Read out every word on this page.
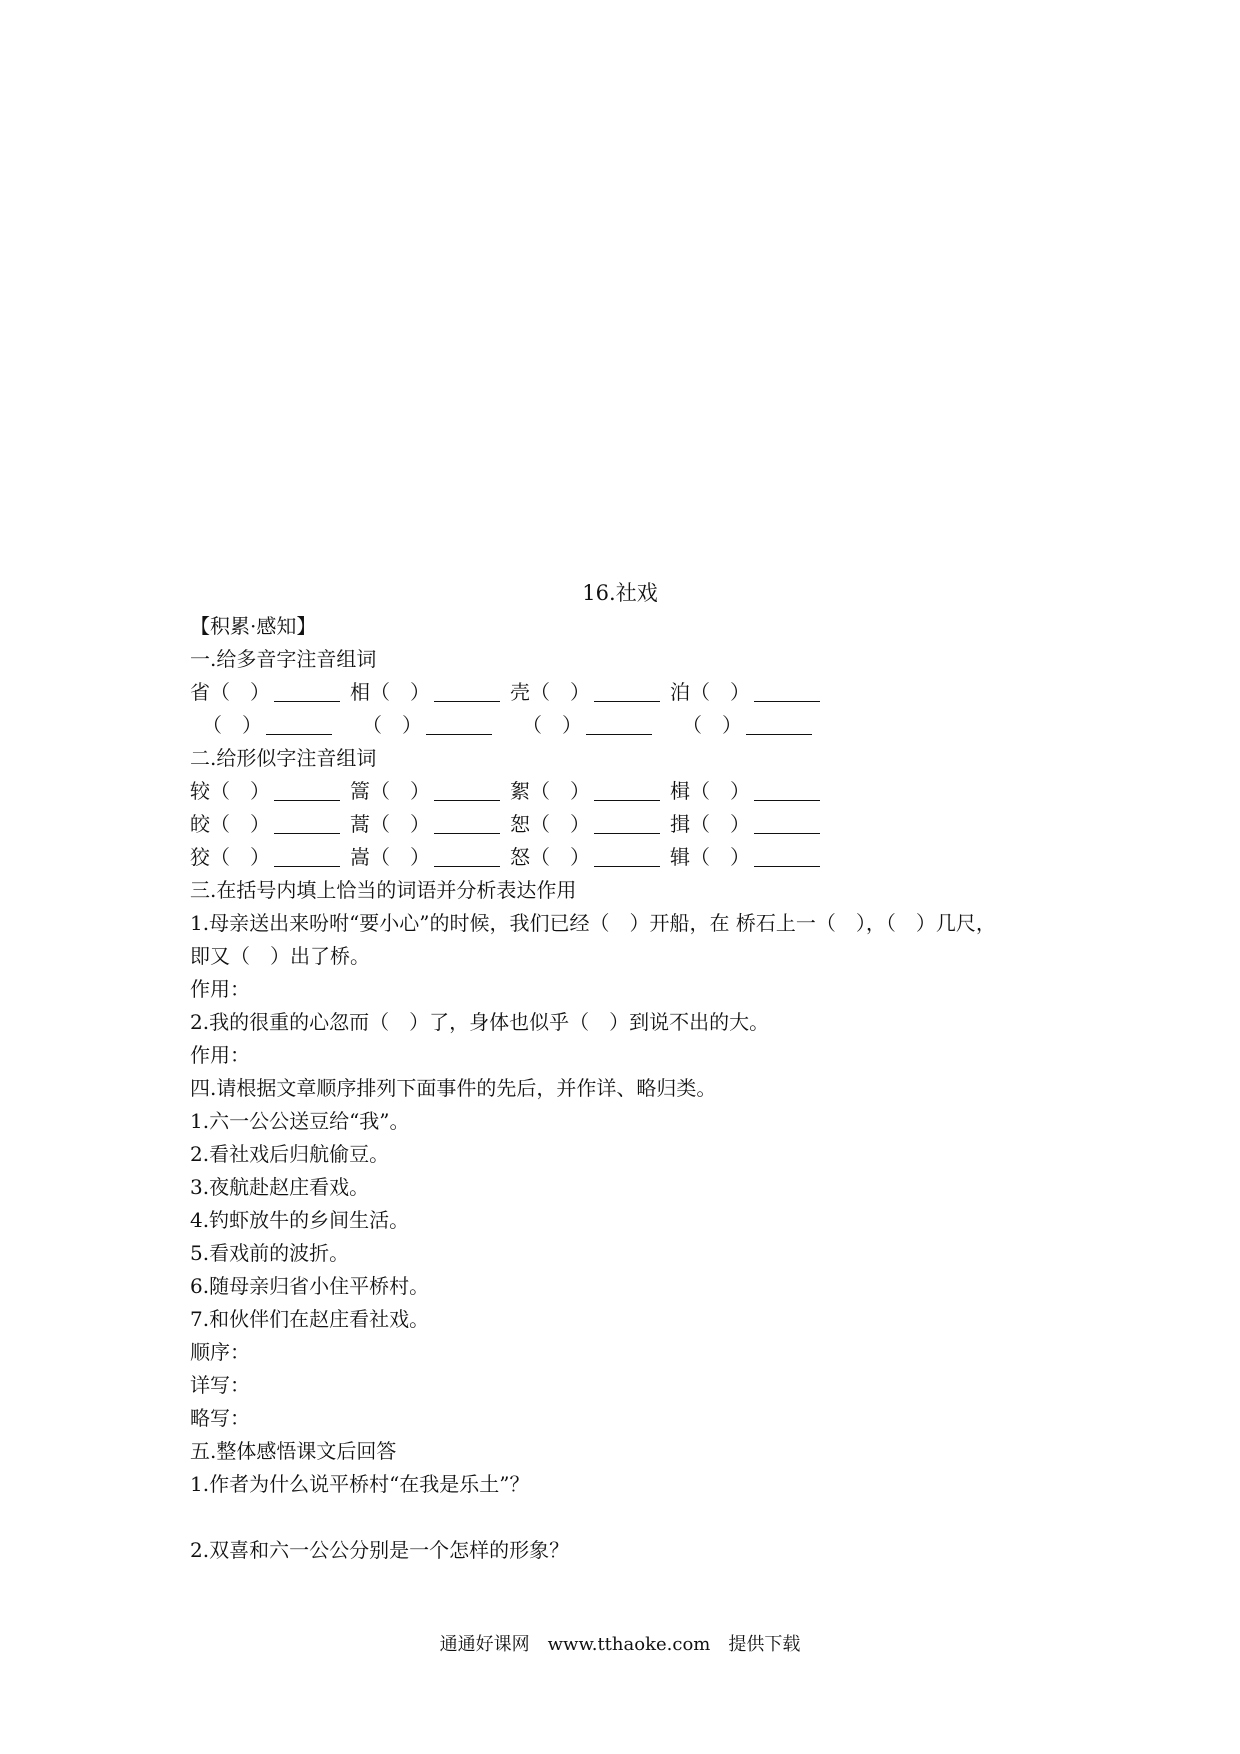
16.社戏
【积累·感知】
一.给多音字注音组词
省（　）	相（　）	壳（　）	泊（　）
（　）	（　）	（　）	（　）
二.给形似字注音组词
较（　）	篙（　）	絮（　）	楫（　）
皎（　）	蒿（　）	恕（　）	揖（　）
狡（　）	嵩（　）	怒（　）	辑（　）
三.在括号内填上恰当的词语并分析表达作用
1.母亲送出来吩咐“要小心”的时候，我们已经（　）开船，在 桥石上一（　），（　）几尺，
即又（　）出了桥。
作用：
2.我的很重的心忽而（　）了，身体也似乎（　）到说不出的大。
作用：
四.请根据文章顺序排列下面事件的先后，并作详、略归类。
1.六一公公送豆给“我”。
2.看社戏后归航偷豆。
3.夜航赴赵庄看戏。
4.钓虾放牛的乡间生活。
5.看戏前的波折。
6.随母亲归省小住平桥村。
7.和伙伴们在赵庄看社戏。
顺序：
详写：
略写：
五.整体感悟课文后回答
1.作者为什么说平桥村“在我是乐土”？
2.双喜和六一公公分别是一个怎样的形象？
通通好课网　www.tthaoke.com　提供下载
